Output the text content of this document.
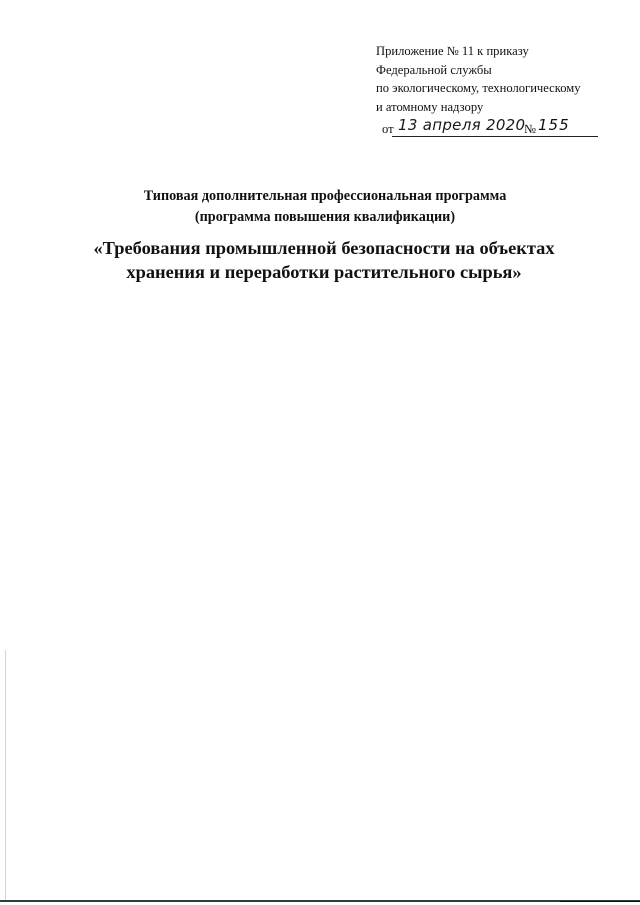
Приложение № 11 к приказу
Федеральной службы
по экологическому, технологическому
и атомному надзору
от 13 апреля 2020
№ 155
Типовая дополнительная профессиональная программа
(программа повышения квалификации)
«Требования промышленной безопасности на объектах
хранения и переработки растительного сырья»
